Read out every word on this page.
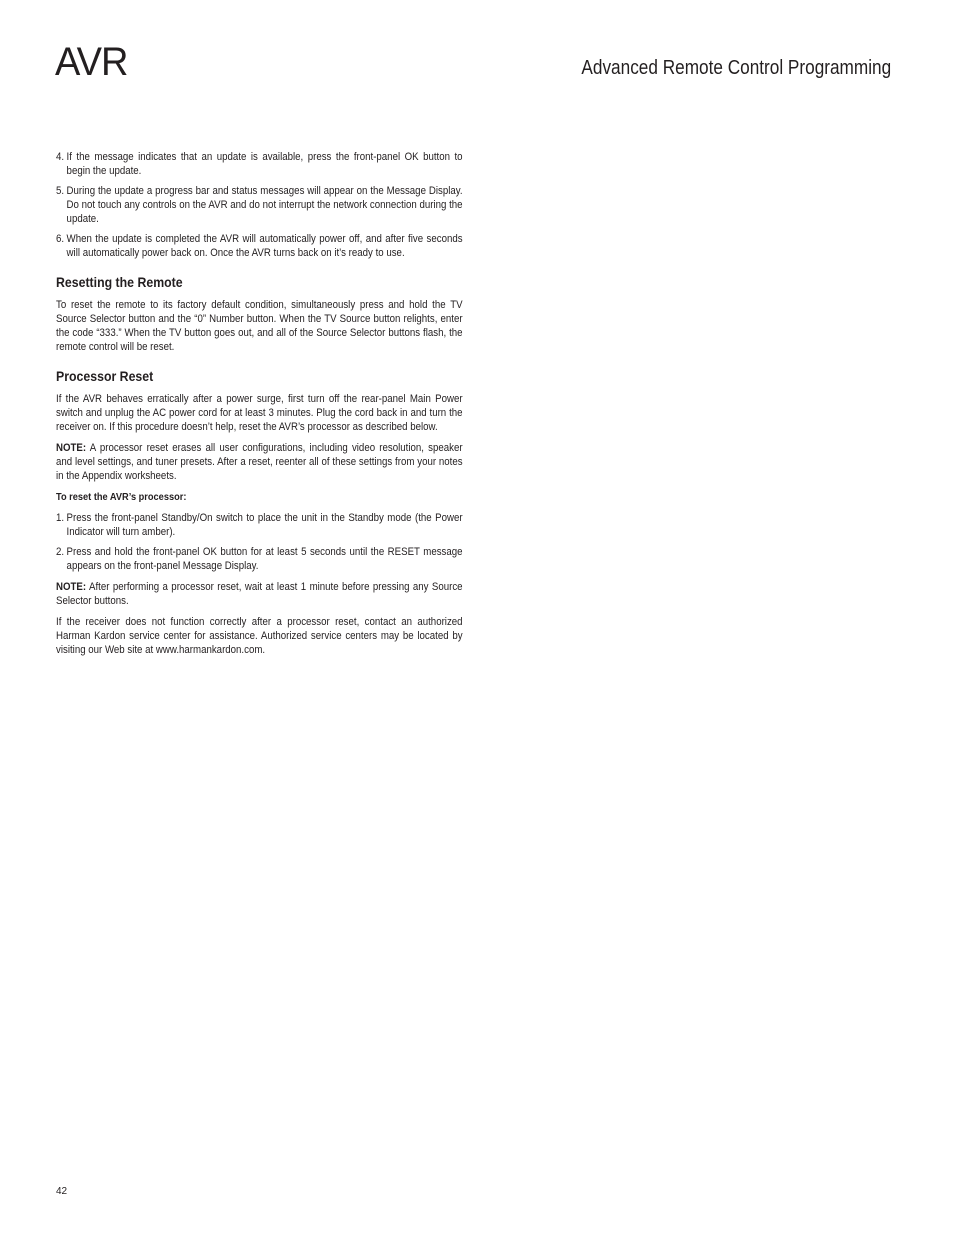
AVR	Advanced Remote Control Programming
4. If the message indicates that an update is available, press the front-panel OK button to begin the update.
5. During the update a progress bar and status messages will appear on the Message Display. Do not touch any controls on the AVR and do not interrupt the network connection during the update.
6. When the update is completed the AVR will automatically power off, and after five seconds will automatically power back on. Once the AVR turns back on it’s ready to use.
Resetting the Remote

To reset the remote to its factory default condition, simultaneously press and hold the TV Source Selector button and the “0” Number button. When the TV Source button relights, enter the code “333.” When the TV button goes out, and all of the Source Selector buttons flash, the remote control will be reset.

Processor Reset

If the AVR behaves erratically after a power surge, first turn off the rear-panel Main Power switch and unplug the AC power cord for at least 3 minutes. Plug the cord back in and turn the receiver on. If this procedure doesn’t help, reset the AVR’s processor as described below.

NOTE: A processor reset erases all user configurations, including video resolution, speaker and level settings, and tuner presets. After a reset, reenter all of these settings from your notes in the Appendix worksheets.

To reset the AVR’s processor:
1. Press the front-panel Standby/On switch to place the unit in the Standby mode (the Power Indicator will turn amber).
2. Press and hold the front-panel OK button for at least 5 seconds until the RESET message appears on the front-panel Message Display.

NOTE: After performing a processor reset, wait at least 1 minute before pressing any Source Selector buttons.

If the receiver does not function correctly after a processor reset, contact an authorized Harman Kardon service center for assistance. Authorized service centers may be located by visiting our Web site at www.harmankardon.com.

42
